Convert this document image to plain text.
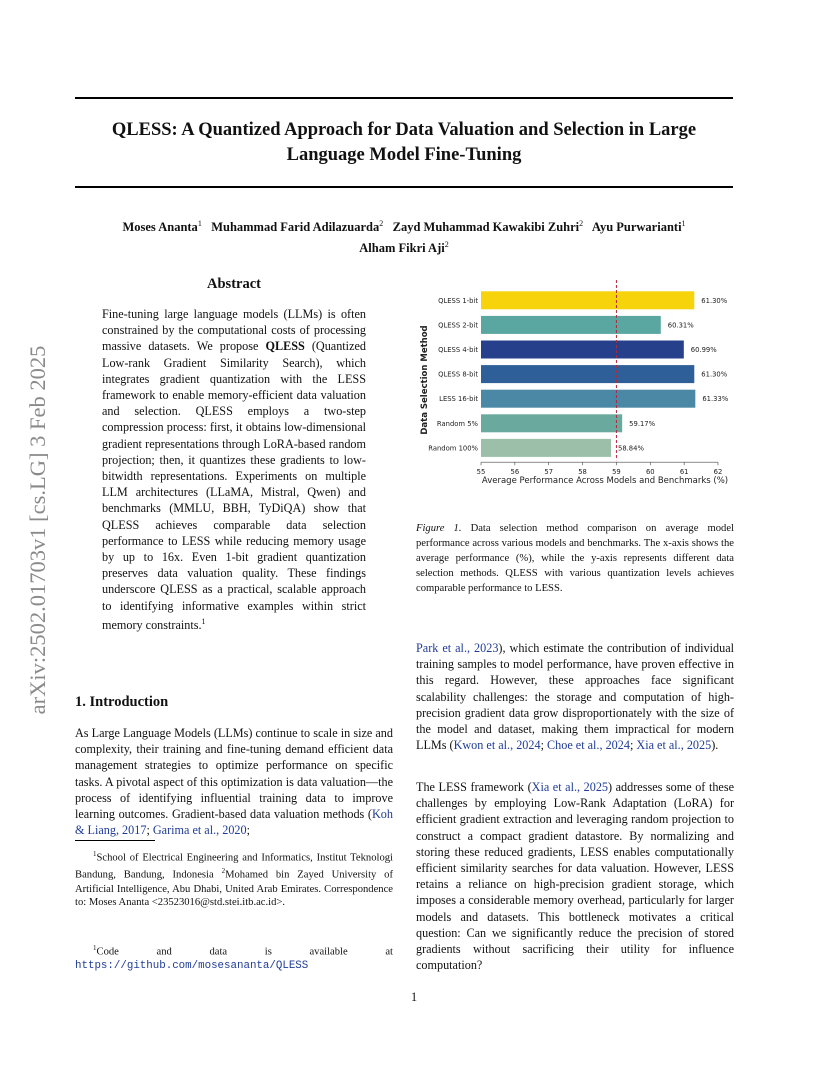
QLESS: A Quantized Approach for Data Valuation and Selection in Large
Language Model Fine-Tuning
Moses Ananta$^1$ Muhammad Farid Adilazuarda$^2$ Zayd Muhammad Kawakibi Zuhri$^2$ Ayu Purwarianti$^1$
Alham Fikri Aji$^2$
arXiv:2502.01703v1 [cs.LG] 3 Feb 2025
Abstract
Fine-tuning large language models (LLMs) is often constrained by the computational costs of processing massive datasets. We propose QLESS (Quantized Low-rank Gradient Similarity Search), which integrates gradient quantization with the LESS framework to enable memory-efficient data valuation and selection. QLESS employs a two-step compression process: first, it obtains low-dimensional gradient representations through LoRA-based random projection; then, it quantizes these gradients to low-bitwidth representations. Experiments on multiple LLM architectures (LLaMA, Mistral, Qwen) and benchmarks (MMLU, BBH, TyDiQA) show that QLESS achieves comparable data selection performance to LESS while reducing memory usage by up to 16x. Even 1-bit gradient quantization preserves data valuation quality. These findings underscore QLESS as a practical, scalable approach to identifying informative examples within strict memory constraints.$^1$
1. Introduction
As Large Language Models (LLMs) continue to scale in size and complexity, their training and fine-tuning demand efficient data management strategies to optimize performance on specific tasks. A pivotal aspect of this optimization is data valuation—the process of identifying influential training data to improve learning outcomes. Gradient-based data valuation methods (Koh & Liang, 2017; Garima et al., 2020;
$^1$School of Electrical Engineering and Informatics, Institut Teknologi Bandung, Bandung, Indonesia $^2$Mohamed bin Zayed University of Artificial Intelligence, Abu Dhabi, United Arab Emirates. Correspondence to: Moses Ananta <23523016@std.stei.itb.ac.id>.
$^1$Code and data is available at https://github.com/mosesananta/QLESS
QLESS 1-bit	61.30%
QLESS 2-bit	60.31%
QLESS 4-bit	60.99%
QLESS 8-bit	61.30%
LESS 16-bit	61.33%
Random 5%	59.17%
Random 100%	58.84%
55	56	57	58	59	60	61	62
Data Selection Method
Average Performance Across Models and Benchmarks (%)
Figure 1. Data selection method comparison on average model performance across various models and benchmarks. The x-axis shows the average performance (%), while the y-axis represents different data selection methods. QLESS with various quantization levels achieves comparable performance to LESS.
Park et al., 2023), which estimate the contribution of individual training samples to model performance, have proven effective in this regard. However, these approaches face significant scalability challenges: the storage and computation of high-precision gradient data grow disproportionately with the size of the model and dataset, making them impractical for modern LLMs (Kwon et al., 2024; Choe et al., 2024; Xia et al., 2025).
The LESS framework (Xia et al., 2025) addresses some of these challenges by employing Low-Rank Adaptation (LoRA) for efficient gradient extraction and leveraging random projection to construct a compact gradient datastore. By normalizing and storing these reduced gradients, LESS enables computationally efficient similarity searches for data valuation. However, LESS retains a reliance on high-precision gradient storage, which imposes a considerable memory overhead, particularly for larger models and datasets. This bottleneck motivates a critical question: Can we significantly reduce the precision of stored gradients without sacrificing their utility for influence computation?
1
